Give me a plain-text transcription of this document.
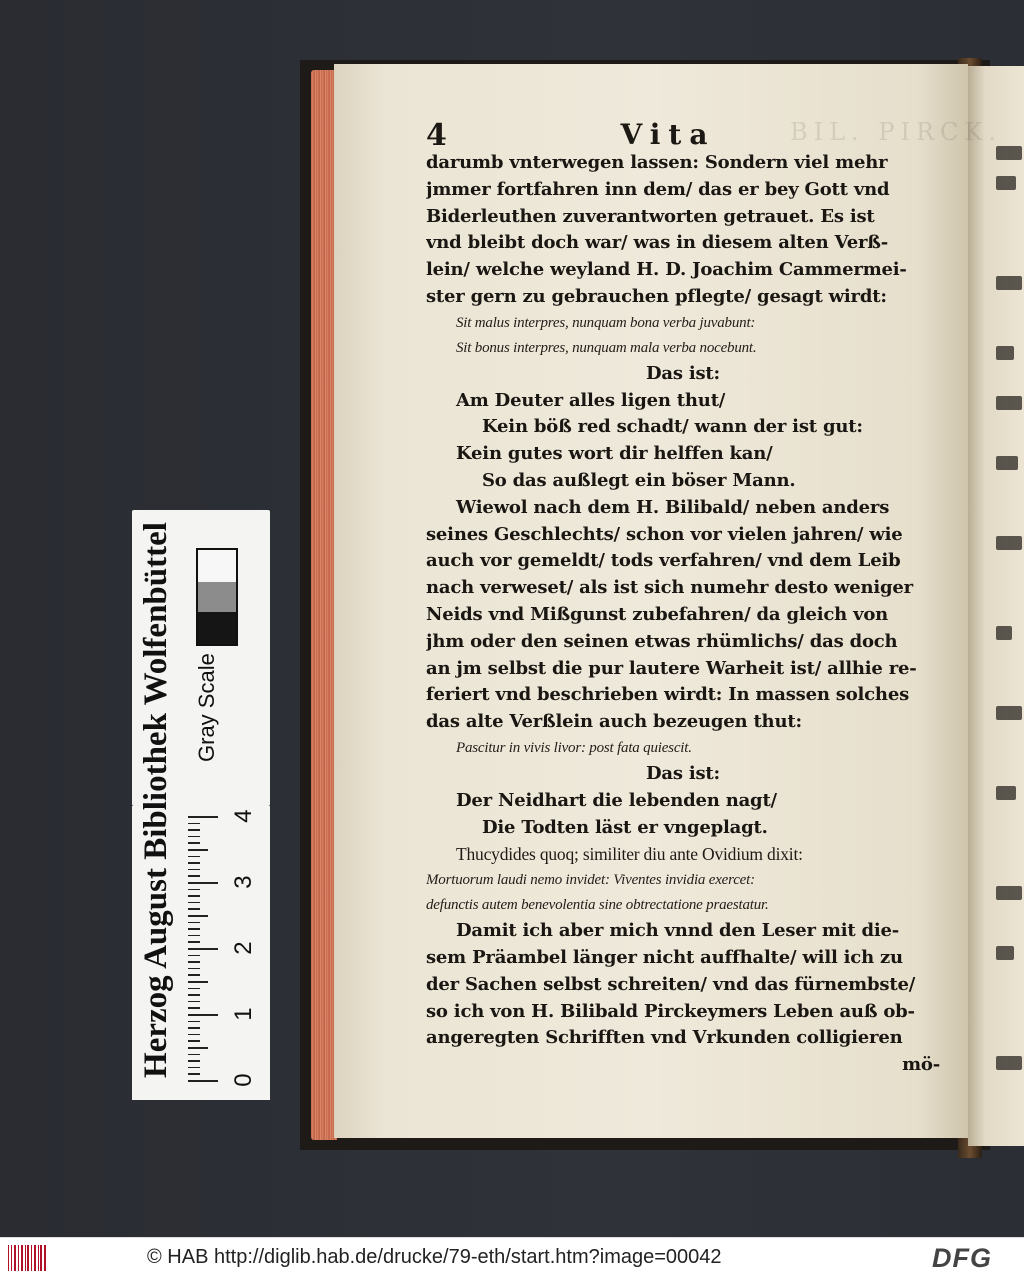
BIL. PIRCK.
4	Vita
darumb vnterwegen lassen: Sondern viel mehr
jmmer fortfahren inn dem/ das er bey Gott vnd
Biderleuthen zuverantworten getrauet. Es ist
vnd bleibt doch war/ was in diesem alten Verß-
lein/ welche weyland H. D. Joachim Cammermei-
ster gern zu gebrauchen pflegte/ gesagt wirdt:
Sit malus interpres, nunquam bona verba juvabunt:
Sit bonus interpres, nunquam mala verba nocebunt.
Das ist:
Am Deuter alles ligen thut/
Kein böß red schadt/ wann der ist gut:
Kein gutes wort dir helffen kan/
So das außlegt ein böser Mann.
Wiewol nach dem H. Bilibald/ neben anders
seines Geschlechts/ schon vor vielen jahren/ wie
auch vor gemeldt/ tods verfahren/ vnd dem Leib
nach verweset/ als ist sich numehr desto weniger
Neids vnd Mißgunst zubefahren/ da gleich von
jhm oder den seinen etwas rhümlichs/ das doch
an jm selbst die pur lautere Warheit ist/ allhie re-
feriert vnd beschrieben wirdt: In massen solches
das alte Verßlein auch bezeugen thut:
Pascitur in vivis livor: post fata quiescit.
Das ist:
Der Neidhart die lebenden nagt/
Die Todten läst er vngeplagt.
Thucydides quoq; similiter diu ante Ovidium dixit:
Mortuorum laudi nemo invidet: Viventes invidia exercet:
defunctis autem benevolentia sine obtrectatione praestatur.
Damit ich aber mich vnnd den Leser mit die-
sem Präambel länger nicht auffhalte/ will ich zu
der Sachen selbst schreiten/ vnd das fürnembste/
so ich von H. Bilibald Pirckeymers Leben auß ob-
angeregten Schrifften vnd Vrkunden colligieren
mö-
Herzog August Bibliothek Wolfenbüttel Gray Scale
0
1
2
3
4
© HAB http://diglib.hab.de/drucke/79-eth/start.htm?image=00042	DFG
